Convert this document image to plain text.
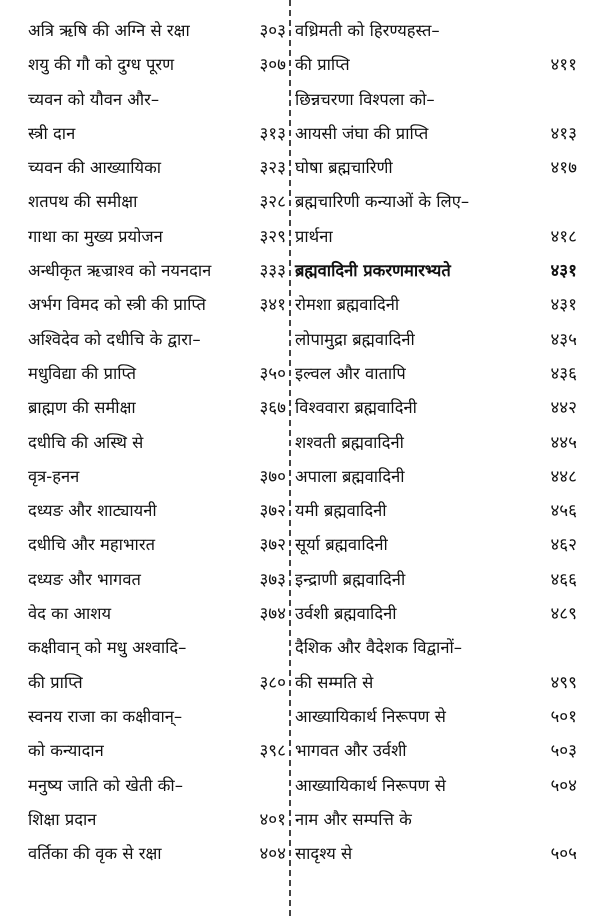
अत्रि ऋषि की अग्नि से रक्षा	३०३
शयु की गौ को दुग्ध पूरण	३०७
च्यवन को यौवन और–
स्त्री दान	३१३
च्यवन की आख्यायिका	३२३
शतपथ की समीक्षा	३२८
गाथा का मुख्य प्रयोजन	३२९
अन्धीकृत ऋज्राश्व को नयनदान	३३३
अर्भग विमद को स्त्री की प्राप्ति	३४१
अश्विदेव को दधीचि के द्वारा–
मधुविद्या की प्राप्ति	३५०
ब्राह्मण की समीक्षा	३६७
दधीचि की अस्थि से
वृत्र-हनन	३७०
दध्यङ और शाट्यायनी	३७२
दधीचि और महाभारत	३७२
दध्यङ और भागवत	३७३
वेद का आशय	३७४
कक्षीवान् को मधु अश्वादि–
की प्राप्ति	३८०
स्वनय राजा का कक्षीवान्–
को कन्यादान	३९८
मनुष्य जाति को खेती की–
शिक्षा प्रदान	४०१
वर्तिका की वृक से रक्षा	४०४
वध्रिमती को हिरण्यहस्त–
की प्राप्ति	४११
छिन्नचरणा विश्पला को–
आयसी जंघा की प्राप्ति	४१३
घोषा ब्रह्मचारिणी	४१७
ब्रह्मचारिणी कन्याओं के लिए–
प्रार्थना	४१८
ब्रह्मवादिनी प्रकरणमारभ्यते	४३१
रोमशा ब्रह्मवादिनी	४३१
लोपामुद्रा ब्रह्मवादिनी	४३५
इल्वल और वातापि	४३६
विश्ववारा ब्रह्मवादिनी	४४२
शश्वती ब्रह्मवादिनी	४४५
अपाला ब्रह्मवादिनी	४४८
यमी ब्रह्मवादिनी	४५६
सूर्या ब्रह्मवादिनी	४६२
इन्द्राणी ब्रह्मवादिनी	४६६
उर्वशी ब्रह्मवादिनी	४८९
दैशिक और वैदेशक विद्वानों–
की सम्मति से	४९९
आख्यायिकार्थ निरूपण से	५०१
भागवत और उर्वशी	५०३
आख्यायिकार्थ निरूपण से	५०४
नाम और सम्पत्ति के
सादृश्य से	५०५
